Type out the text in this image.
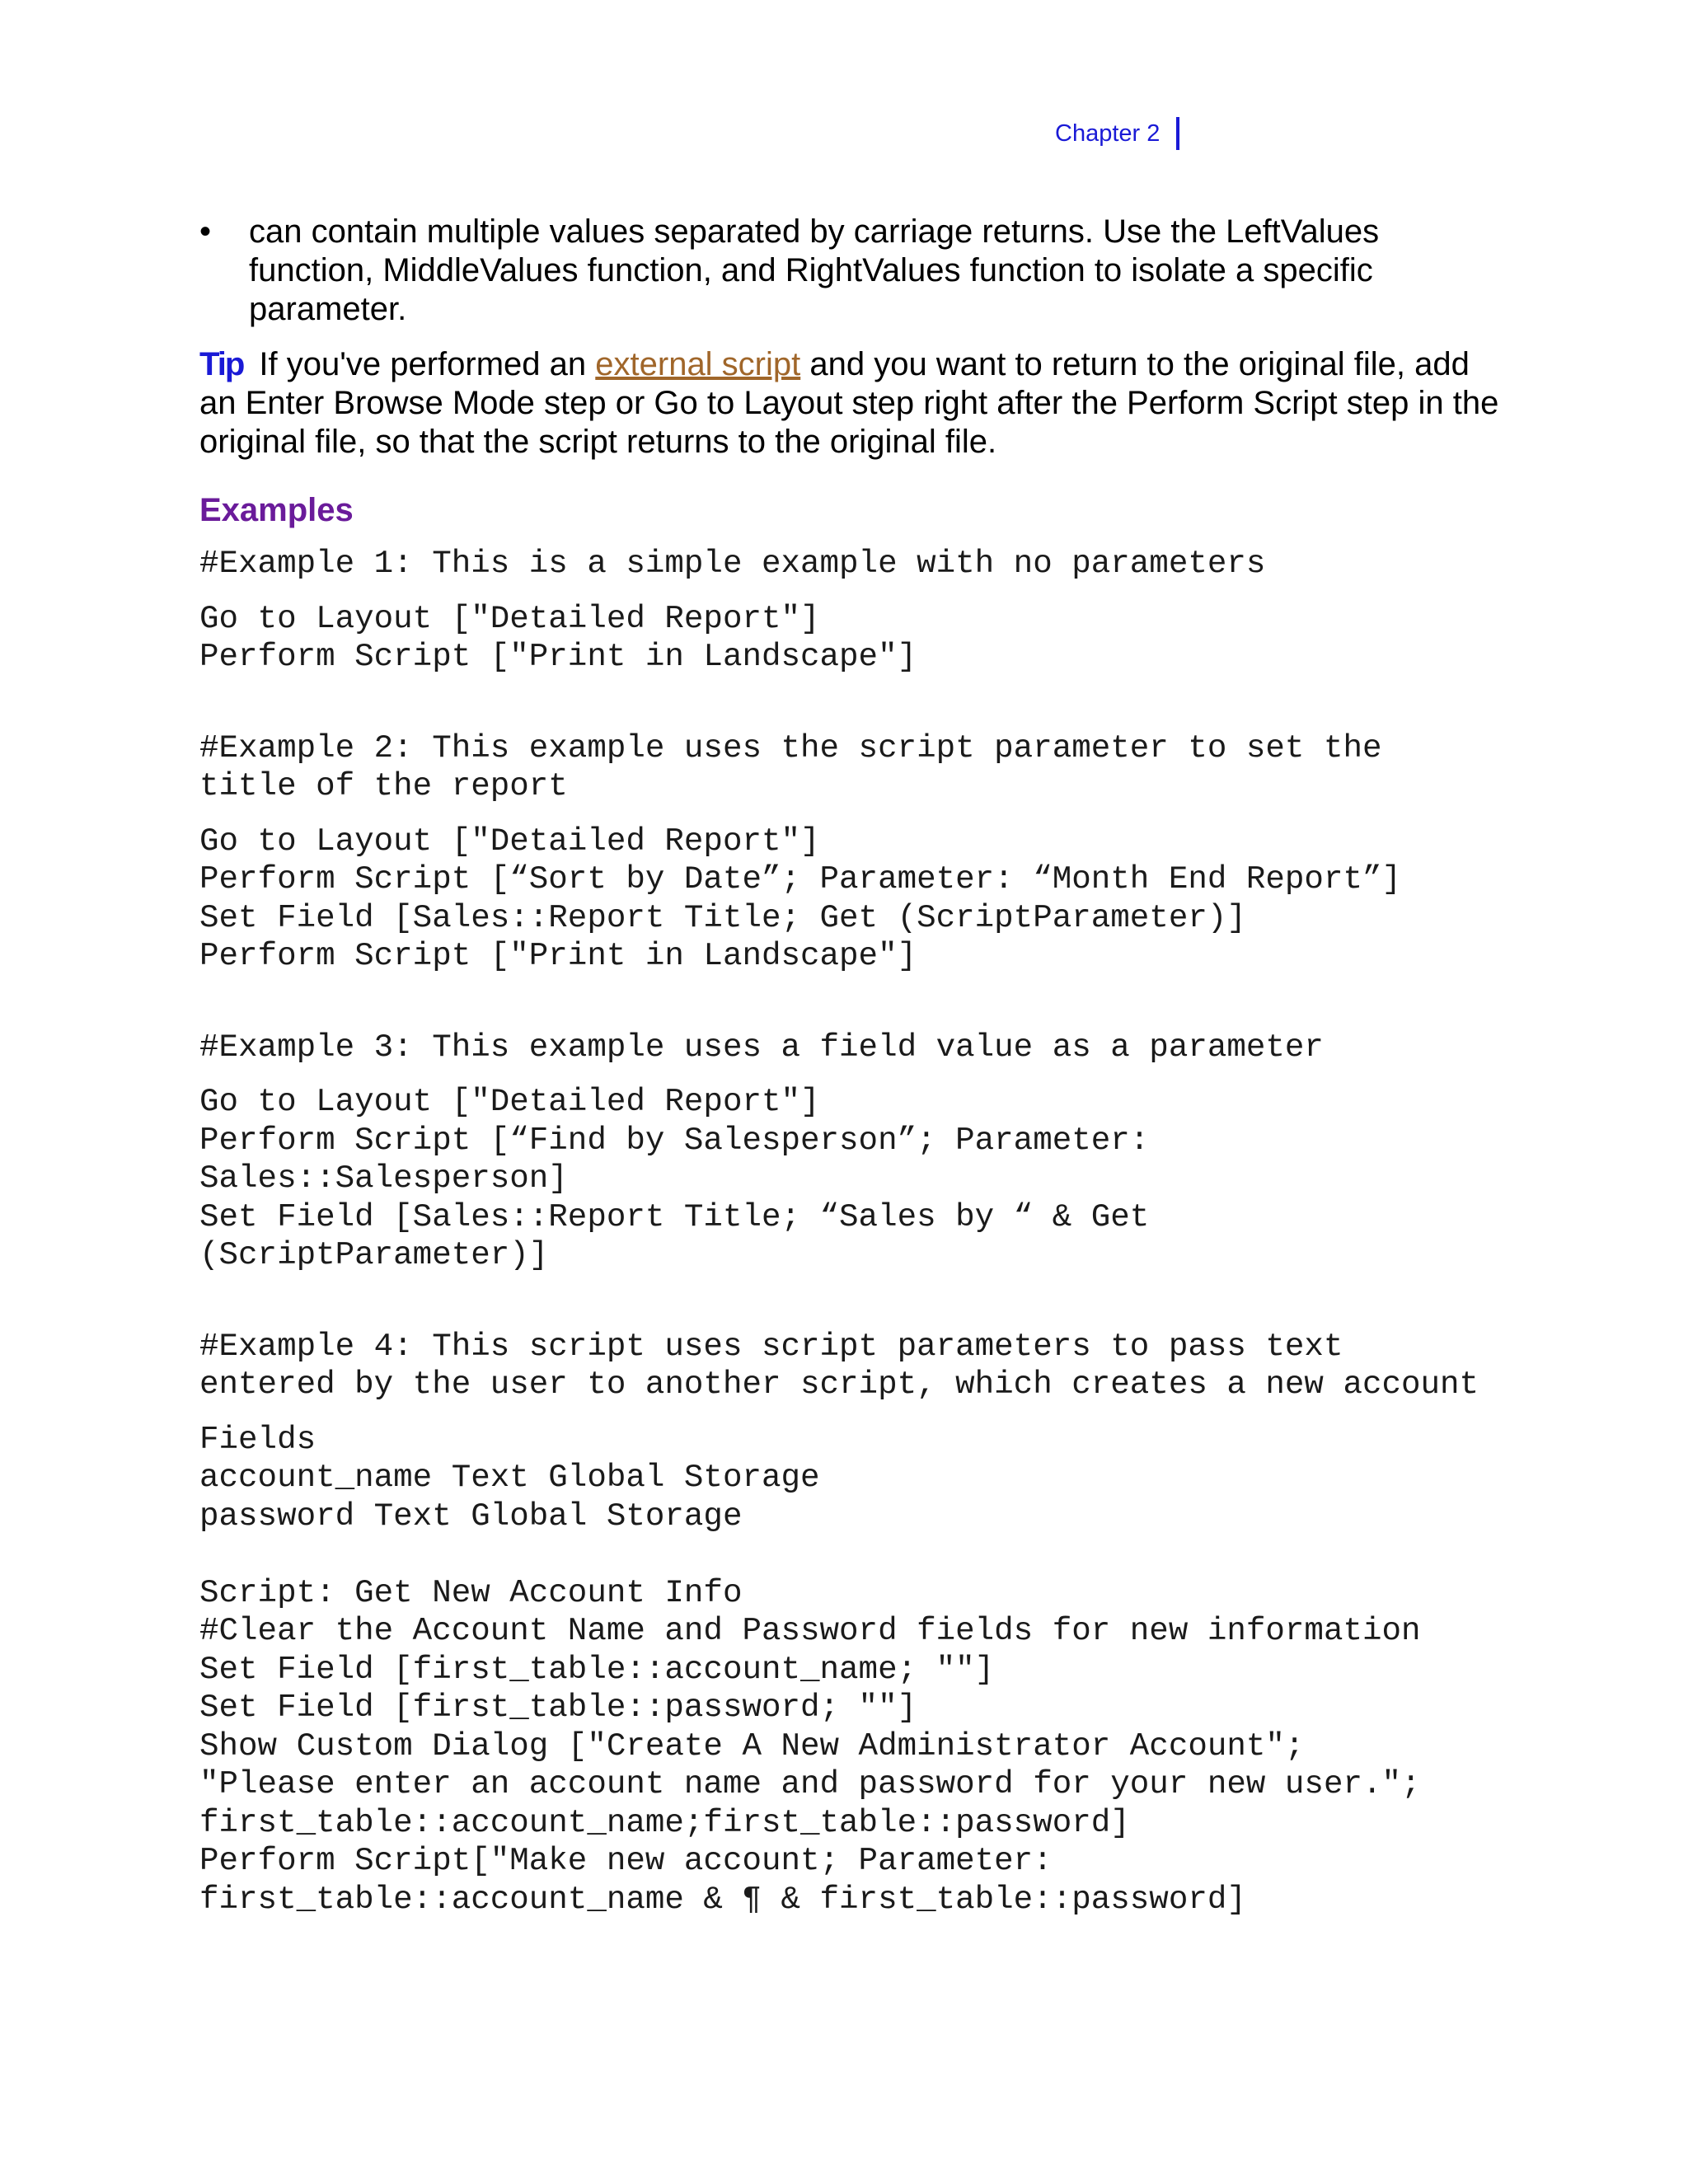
Chapter 2
•	can contain multiple values separated by carriage returns. Use the LeftValues function, MiddleValues function, and RightValues function to isolate a specific parameter.
Tip If you've performed an external script and you want to return to the original file, add an Enter Browse Mode step or Go to Layout step right after the Perform Script step in the original file, so that the script returns to the original file.
Examples
#Example 1: This is a simple example with no parameters
Go to Layout ["Detailed Report"]
Perform Script ["Print in Landscape"]
#Example 2: This example uses the script parameter to set the
title of the report
Go to Layout ["Detailed Report"]
Perform Script [“Sort by Date”; Parameter: “Month End Report”]
Set Field [Sales::Report Title; Get (ScriptParameter)]
Perform Script ["Print in Landscape"]
#Example 3: This example uses a field value as a parameter
Go to Layout ["Detailed Report"]
Perform Script [“Find by Salesperson”; Parameter:
Sales::Salesperson]
Set Field [Sales::Report Title; “Sales by “ & Get
(ScriptParameter)]
#Example 4: This script uses script parameters to pass text
entered by the user to another script, which creates a new account
Fields
account_name Text Global Storage
password Text Global Storage

Script: Get New Account Info
#Clear the Account Name and Password fields for new information
Set Field [first_table::account_name; ""]
Set Field [first_table::password; ""]
Show Custom Dialog ["Create A New Administrator Account";
"Please enter an account name and password for your new user.";
first_table::account_name;first_table::password]
Perform Script["Make new account; Parameter:
first_table::account_name & ¶ & first_table::password]
